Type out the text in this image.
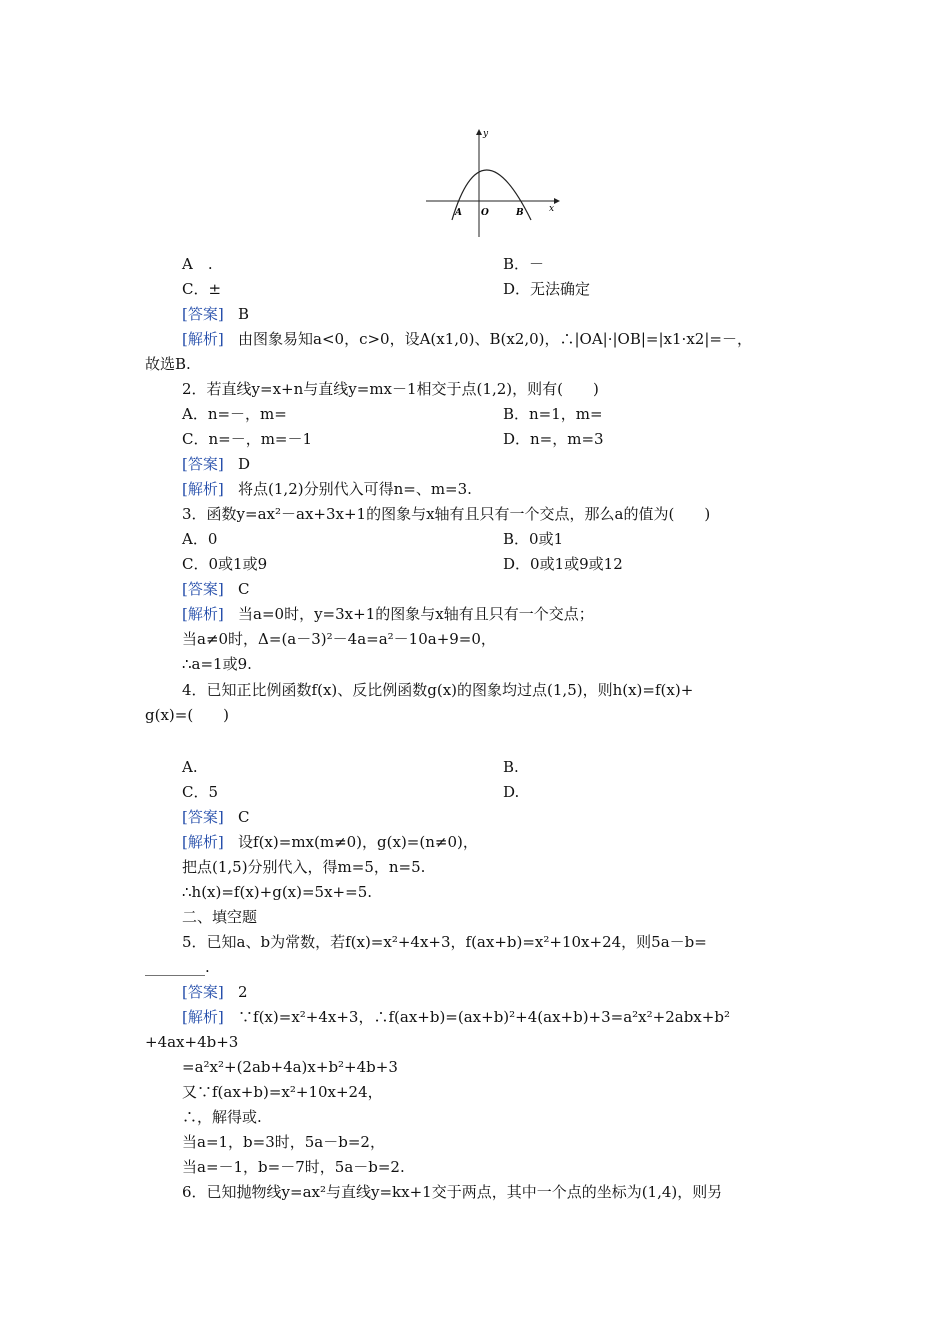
y
x
A O	B
A　.	B．－
C．±	D．无法确定
[答案] B
[解析] 由图象易知a<0，c>0，设A(x1,0)、B(x2,0)，∴|OA|·|OB|=|x1·x2|=－，
故选B.
2．若直线y=x+n与直线y=mx－1相交于点(1,2)，则有(　　)
A．n=－，m=	B．n=1，m=
C．n=－，m=－1	D．n=，m=3
[答案] D
[解析] 将点(1,2)分别代入可得n=、m=3.
3．函数y=ax²－ax+3x+1的图象与x轴有且只有一个交点，那么a的值为(　　)
A．0	B．0或1
C．0或1或9	D．0或1或9或12
[答案] C
[解析] 当a=0时，y=3x+1的图象与x轴有且只有一个交点；
当a≠0时，Δ=(a－3)²－4a=a²－10a+9=0，
∴a=1或9.
4．已知正比例函数f(x)、反比例函数g(x)的图象均过点(1,5)，则h(x)=f(x)+
g(x)=(　　)
A.	B.
C．5	D.
[答案] C
[解析] 设f(x)=mx(m≠0)，g(x)=(n≠0)，
把点(1,5)分别代入，得m=5，n=5.
∴h(x)=f(x)+g(x)=5x+=5.
二、填空题
5．已知a、b为常数，若f(x)=x²+4x+3，f(ax+b)=x²+10x+24，则5a－b=
________.
[答案] 2
[解析] ∵f(x)=x²+4x+3，∴f(ax+b)=(ax+b)²+4(ax+b)+3=a²x²+2abx+b²
+4ax+4b+3
=a²x²+(2ab+4a)x+b²+4b+3
又∵f(ax+b)=x²+10x+24，
∴，解得或.
当a=1，b=3时，5a－b=2，
当a=－1，b=－7时，5a－b=2.
6．已知抛物线y=ax²与直线y=kx+1交于两点，其中一个点的坐标为(1,4)，则另
